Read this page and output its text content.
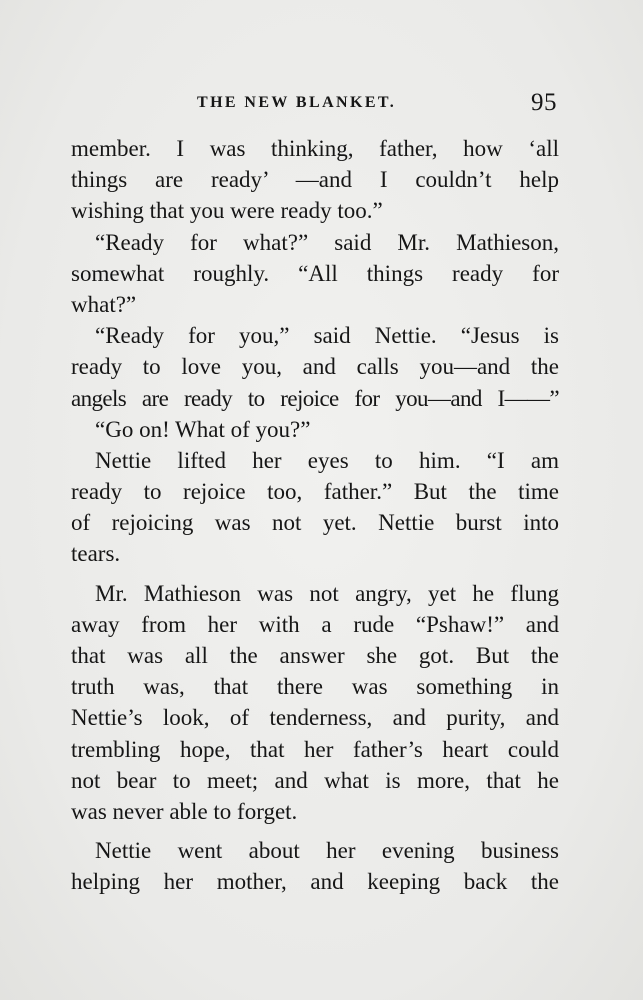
THE NEW BLANKET.	95
member. I was thinking, father, how ‘all
things are ready’ —and I couldn’t help
wishing that you were ready too.”
“Ready for what?” said Mr. Mathieson,
somewhat roughly. “All things ready for
what?”
“Ready for you,” said Nettie. “Jesus is
ready to love you, and calls you—and the
angels are ready to rejoice for you—and I——”
“Go on! What of you?”
Nettie lifted her eyes to him. “I am
ready to rejoice too, father.” But the time
of rejoicing was not yet. Nettie burst into
tears.
Mr. Mathieson was not angry, yet he flung
away from her with a rude “Pshaw!” and
that was all the answer she got. But the
truth was, that there was something in
Nettie’s look, of tenderness, and purity, and
trembling hope, that her father’s heart could
not bear to meet; and what is more, that he
was never able to forget.
Nettie went about her evening business
helping her mother, and keeping back the
